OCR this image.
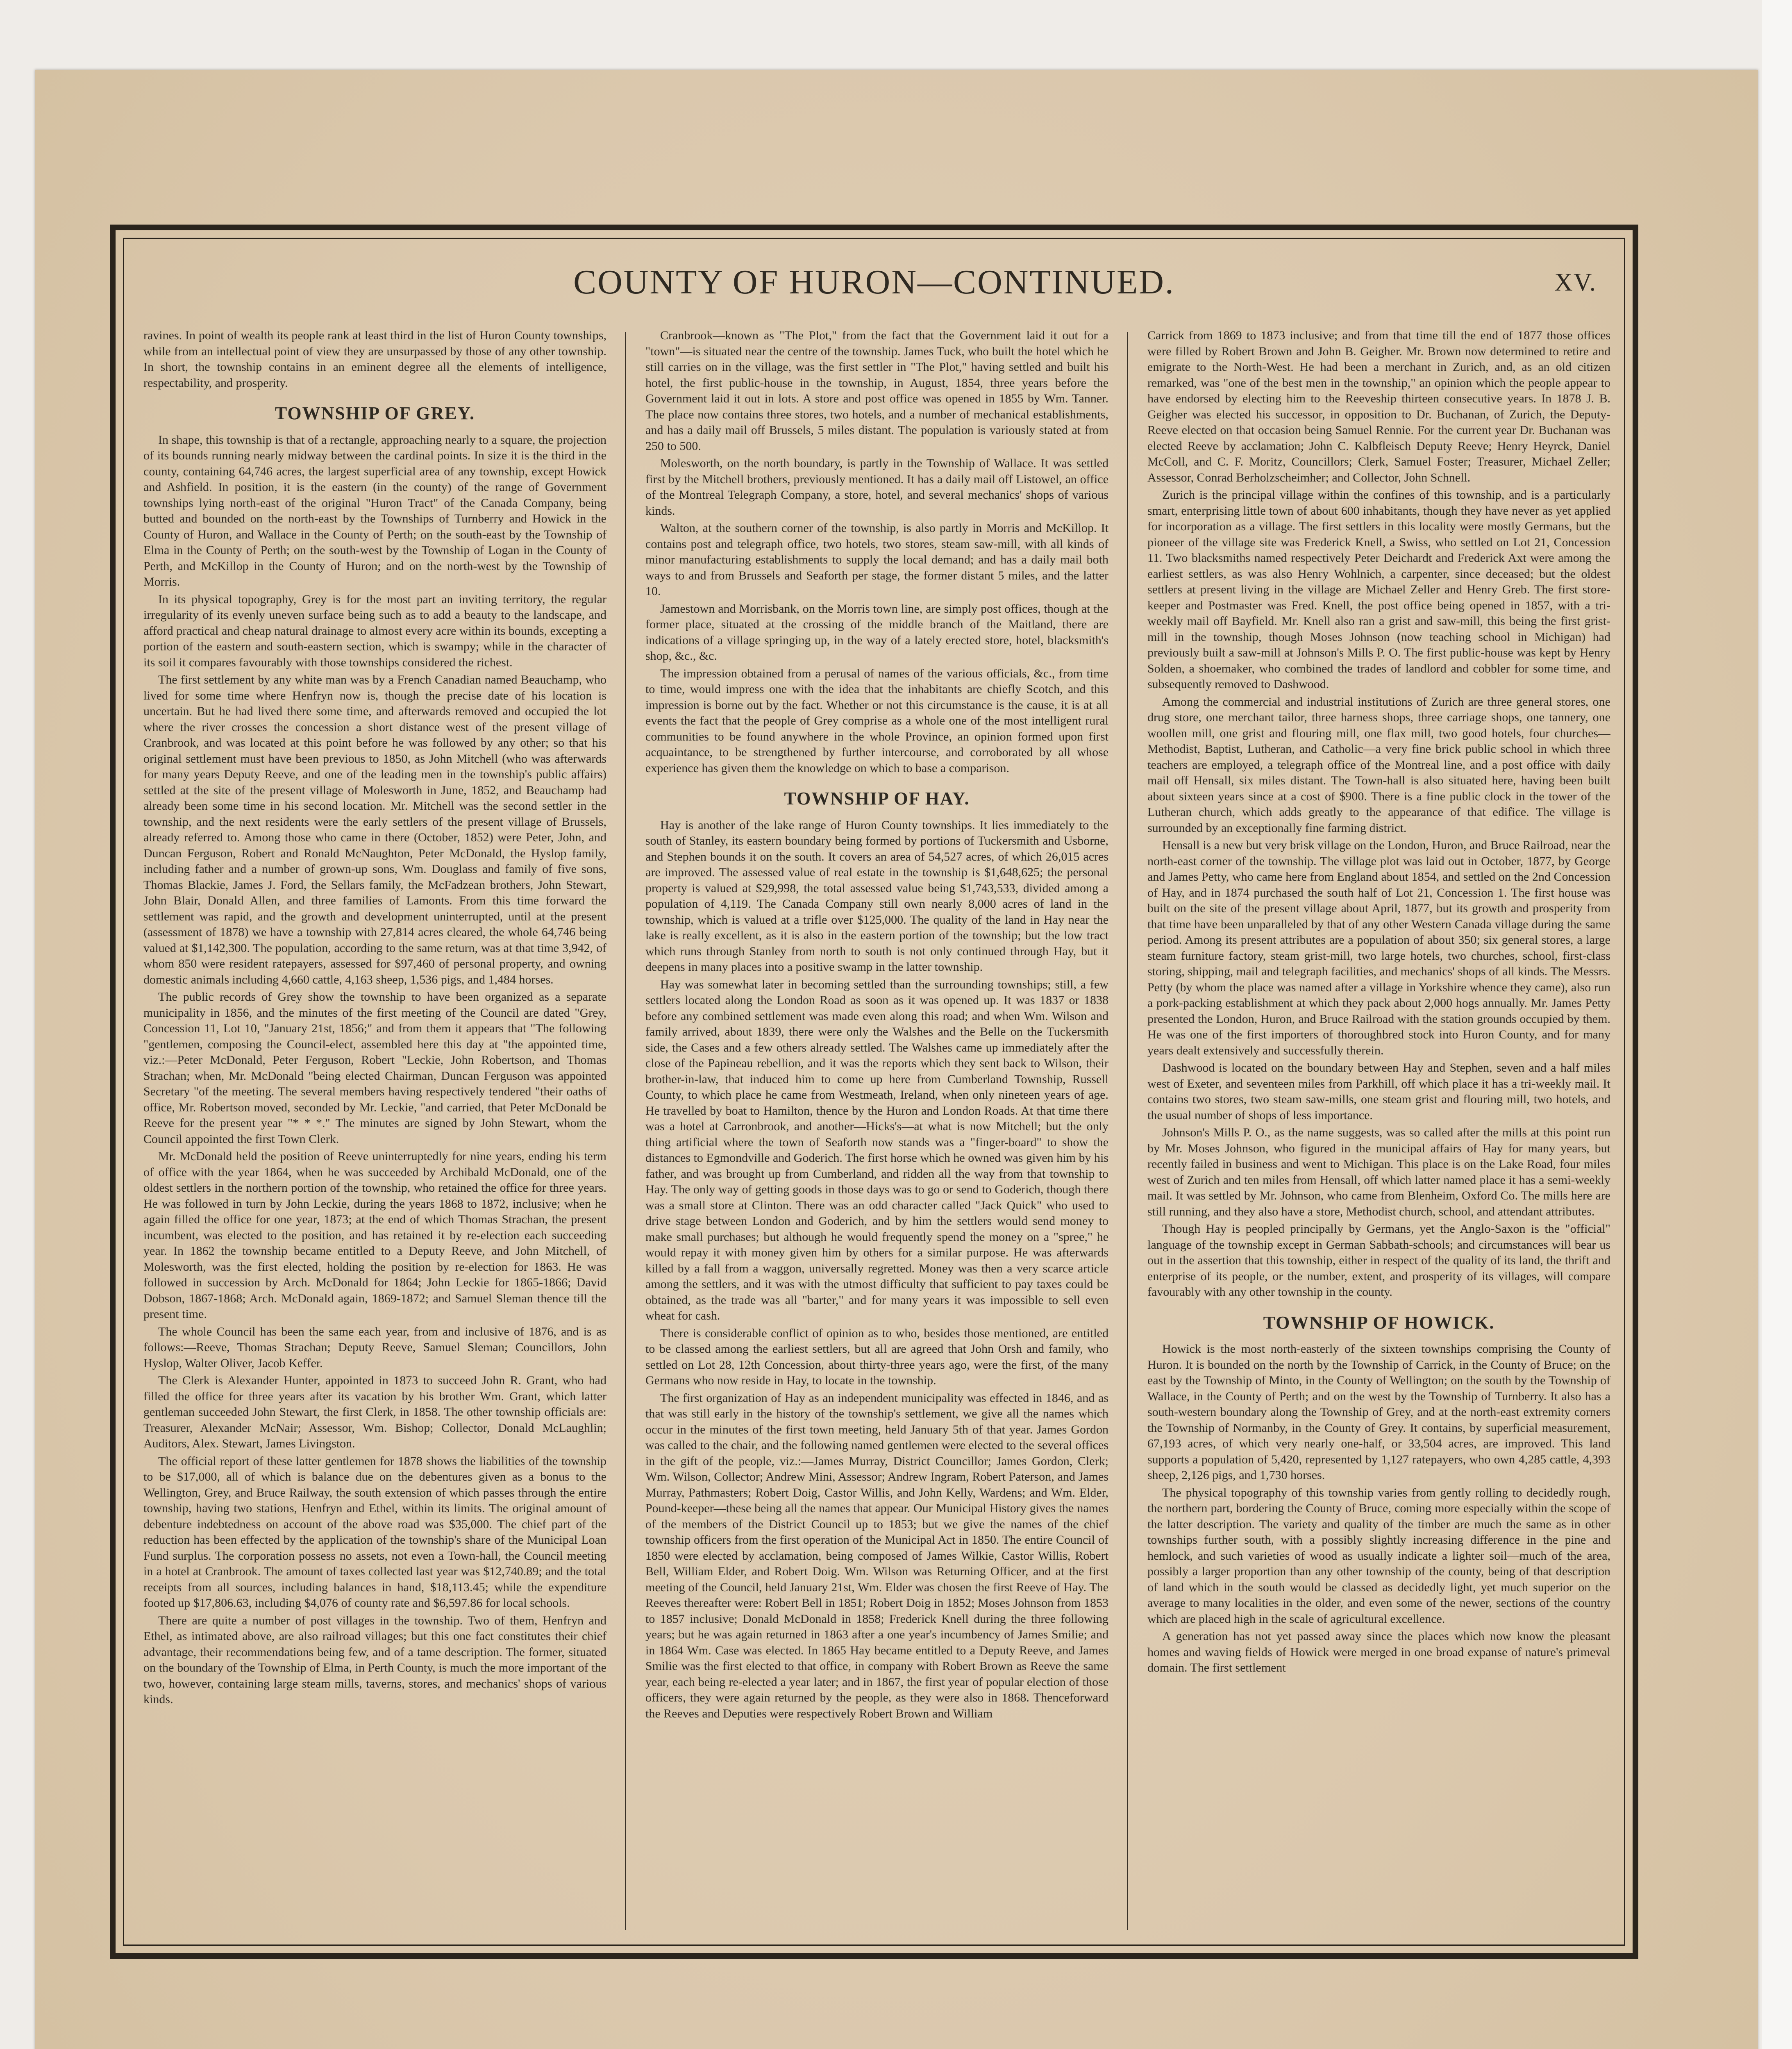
COUNTY OF HURON—CONTINUED.	XV.

ravines. In point of wealth its people rank at least third in the list of Huron County townships, while from an intellectual point of view they are unsurpassed by those of any other township. In short, the township contains in an eminent degree all the elements of intelligence, respectability, and prosperity.

TOWNSHIP OF GREY.

In shape, this township is that of a rectangle, approaching nearly to a square, the projection of its bounds running nearly midway between the cardinal points. In size it is the third in the county, containing 64,746 acres, the largest superficial area of any township, except Howick and Ashfield. In position, it is the eastern (in the county) of the range of Government townships lying north-east of the original "Huron Tract" of the Canada Company, being butted and bounded on the north-east by the Townships of Turnberry and Howick in the County of Huron, and Wallace in the County of Perth; on the south-east by the Township of Elma in the County of Perth; on the south-west by the Township of Logan in the County of Perth, and McKillop in the County of Huron; and on the north-west by the Township of Morris.

In its physical topography, Grey is for the most part an inviting territory, the regular irregularity of its evenly uneven surface being such as to add a beauty to the landscape, and afford practical and cheap natural drainage to almost every acre within its bounds, excepting a portion of the eastern and south-eastern section, which is swampy; while in the character of its soil it compares favourably with those townships considered the richest.

The first settlement by any white man was by a French Canadian named Beauchamp, who lived for some time where Henfryn now is, though the precise date of his location is uncertain. But he had lived there some time, and afterwards removed and occupied the lot where the river crosses the concession a short distance west of the present village of Cranbrook, and was located at this point before he was followed by any other; so that his original settlement must have been previous to 1850, as John Mitchell (who was afterwards for many years Deputy Reeve, and one of the leading men in the township's public affairs) settled at the site of the present village of Molesworth in June, 1852, and Beauchamp had already been some time in his second location. Mr. Mitchell was the second settler in the township, and the next residents were the early settlers of the present village of Brussels, already referred to. Among those who came in there (October, 1852) were Peter, John, and Duncan Ferguson, Robert and Ronald McNaughton, Peter McDonald, the Hyslop family, including father and a number of grown-up sons, Wm. Douglass and family of five sons, Thomas Blackie, James J. Ford, the Sellars family, the McFadzean brothers, John Stewart, John Blair, Donald Allen, and three families of Lamonts. From this time forward the settlement was rapid, and the growth and development uninterrupted, until at the present (assessment of 1878) we have a township with 27,814 acres cleared, the whole 64,746 being valued at $1,142,300. The population, according to the same return, was at that time 3,942, of whom 850 were resident ratepayers, assessed for $97,460 of personal property, and owning domestic animals including 4,660 cattle, 4,163 sheep, 1,536 pigs, and 1,484 horses.

The public records of Grey show the township to have been organized as a separate municipality in 1856, and the minutes of the first meeting of the Council are dated "Grey, Concession 11, Lot 10, "January 21st, 1856;" and from them it appears that "The following "gentlemen, composing the Council-elect, assembled here this day at "the appointed time, viz.:—Peter McDonald, Peter Ferguson, Robert "Leckie, John Robertson, and Thomas Strachan; when, Mr. McDonald "being elected Chairman, Duncan Ferguson was appointed Secretary "of the meeting. The several members having respectively tendered "their oaths of office, Mr. Robertson moved, seconded by Mr. Leckie, "and carried, that Peter McDonald be Reeve for the present year "* * *." The minutes are signed by John Stewart, whom the Council appointed the first Town Clerk.

Mr. McDonald held the position of Reeve uninterruptedly for nine years, ending his term of office with the year 1864, when he was succeeded by Archibald McDonald, one of the oldest settlers in the northern portion of the township, who retained the office for three years. He was followed in turn by John Leckie, during the years 1868 to 1872, inclusive; when he again filled the office for one year, 1873; at the end of which Thomas Strachan, the present incumbent, was elected to the position, and has retained it by re-election each succeeding year. In 1862 the township became entitled to a Deputy Reeve, and John Mitchell, of Molesworth, was the first elected, holding the position by re-election for 1863. He was followed in succession by Arch. McDonald for 1864; John Leckie for 1865-1866; David Dobson, 1867-1868; Arch. McDonald again, 1869-1872; and Samuel Sleman thence till the present time.

The whole Council has been the same each year, from and inclusive of 1876, and is as follows:—Reeve, Thomas Strachan; Deputy Reeve, Samuel Sleman; Councillors, John Hyslop, Walter Oliver, Jacob Keffer.

The Clerk is Alexander Hunter, appointed in 1873 to succeed John R. Grant, who had filled the office for three years after its vacation by his brother Wm. Grant, which latter gentleman succeeded John Stewart, the first Clerk, in 1858. The other township officials are: Treasurer, Alexander McNair; Assessor, Wm. Bishop; Collector, Donald McLaughlin; Auditors, Alex. Stewart, James Livingston.

The official report of these latter gentlemen for 1878 shows the liabilities of the township to be $17,000, all of which is balance due on the debentures given as a bonus to the Wellington, Grey, and Bruce Railway, the south extension of which passes through the entire township, having two stations, Henfryn and Ethel, within its limits. The original amount of debenture indebtedness on account of the above road was $35,000. The chief part of the reduction has been effected by the application of the township's share of the Municipal Loan Fund surplus. The corporation possess no assets, not even a Town-hall, the Council meeting in a hotel at Cranbrook. The amount of taxes collected last year was $12,740.89; and the total receipts from all sources, including balances in hand, $18,113.45; while the expenditure footed up $17,806.63, including $4,076 of county rate and $6,597.86 for local schools.

There are quite a number of post villages in the township. Two of them, Henfryn and Ethel, as intimated above, are also railroad villages; but this one fact constitutes their chief advantage, their recommendations being few, and of a tame description. The former, situated on the boundary of the Township of Elma, in Perth County, is much the more important of the two, however, containing large steam mills, taverns, stores, and mechanics' shops of various kinds.

Cranbrook—known as "The Plot," from the fact that the Government laid it out for a "town"—is situated near the centre of the township. James Tuck, who built the hotel which he still carries on in the village, was the first settler in "The Plot," having settled and built his hotel, the first public-house in the township, in August, 1854, three years before the Government laid it out in lots. A store and post office was opened in 1855 by Wm. Tanner. The place now contains three stores, two hotels, and a number of mechanical establishments, and has a daily mail off Brussels, 5 miles distant. The population is variously stated at from 250 to 500.

Molesworth, on the north boundary, is partly in the Township of Wallace. It was settled first by the Mitchell brothers, previously mentioned. It has a daily mail off Listowel, an office of the Montreal Telegraph Company, a store, hotel, and several mechanics' shops of various kinds.

Walton, at the southern corner of the township, is also partly in Morris and McKillop. It contains post and telegraph office, two hotels, two stores, steam saw-mill, with all kinds of minor manufacturing establishments to supply the local demand; and has a daily mail both ways to and from Brussels and Seaforth per stage, the former distant 5 miles, and the latter 10.

Jamestown and Morrisbank, on the Morris town line, are simply post offices, though at the former place, situated at the crossing of the middle branch of the Maitland, there are indications of a village springing up, in the way of a lately erected store, hotel, blacksmith's shop, &c., &c.

The impression obtained from a perusal of names of the various officials, &c., from time to time, would impress one with the idea that the inhabitants are chiefly Scotch, and this impression is borne out by the fact. Whether or not this circumstance is the cause, it is at all events the fact that the people of Grey comprise as a whole one of the most intelligent rural communities to be found anywhere in the whole Province, an opinion formed upon first acquaintance, to be strengthened by further intercourse, and corroborated by all whose experience has given them the knowledge on which to base a comparison.

TOWNSHIP OF HAY.

Hay is another of the lake range of Huron County townships. It lies immediately to the south of Stanley, its eastern boundary being formed by portions of Tuckersmith and Usborne, and Stephen bounds it on the south. It covers an area of 54,527 acres, of which 26,015 acres are improved. The assessed value of real estate in the township is $1,648,625; the personal property is valued at $29,998, the total assessed value being $1,743,533, divided among a population of 4,119. The Canada Company still own nearly 8,000 acres of land in the township, which is valued at a trifle over $125,000. The quality of the land in Hay near the lake is really excellent, as it is also in the eastern portion of the township; but the low tract which runs through Stanley from north to south is not only continued through Hay, but it deepens in many places into a positive swamp in the latter township.

Hay was somewhat later in becoming settled than the surrounding townships; still, a few settlers located along the London Road as soon as it was opened up. It was 1837 or 1838 before any combined settlement was made even along this road; and when Wm. Wilson and family arrived, about 1839, there were only the Walshes and the Belle on the Tuckersmith side, the Cases and a few others already settled. The Walshes came up immediately after the close of the Papineau rebellion, and it was the reports which they sent back to Wilson, their brother-in-law, that induced him to come up here from Cumberland Township, Russell County, to which place he came from Westmeath, Ireland, when only nineteen years of age. He travelled by boat to Hamilton, thence by the Huron and London Roads. At that time there was a hotel at Carronbrook, and another—Hicks's—at what is now Mitchell; but the only thing artificial where the town of Seaforth now stands was a "finger-board" to show the distances to Egmondville and Goderich. The first horse which he owned was given him by his father, and was brought up from Cumberland, and ridden all the way from that township to Hay. The only way of getting goods in those days was to go or send to Goderich, though there was a small store at Clinton. There was an odd character called "Jack Quick" who used to drive stage between London and Goderich, and by him the settlers would send money to make small purchases; but although he would frequently spend the money on a "spree," he would repay it with money given him by others for a similar purpose. He was afterwards killed by a fall from a waggon, universally regretted. Money was then a very scarce article among the settlers, and it was with the utmost difficulty that sufficient to pay taxes could be obtained, as the trade was all "barter," and for many years it was impossible to sell even wheat for cash.

There is considerable conflict of opinion as to who, besides those mentioned, are entitled to be classed among the earliest settlers, but all are agreed that John Orsh and family, who settled on Lot 28, 12th Concession, about thirty-three years ago, were the first, of the many Germans who now reside in Hay, to locate in the township.

The first organization of Hay as an independent municipality was effected in 1846, and as that was still early in the history of the township's settlement, we give all the names which occur in the minutes of the first town meeting, held January 5th of that year. James Gordon was called to the chair, and the following named gentlemen were elected to the several offices in the gift of the people, viz.:—James Murray, District Councillor; James Gordon, Clerk; Wm. Wilson, Collector; Andrew Mini, Assessor; Andrew Ingram, Robert Paterson, and James Murray, Pathmasters; Robert Doig, Castor Willis, and John Kelly, Wardens; and Wm. Elder, Pound-keeper—these being all the names that appear. Our Municipal History gives the names of the members of the District Council up to 1853; but we give the names of the chief township officers from the first operation of the Municipal Act in 1850. The entire Council of 1850 were elected by acclamation, being composed of James Wilkie, Castor Willis, Robert Bell, William Elder, and Robert Doig. Wm. Wilson was Returning Officer, and at the first meeting of the Council, held January 21st, Wm. Elder was chosen the first Reeve of Hay. The Reeves thereafter were: Robert Bell in 1851; Robert Doig in 1852; Moses Johnson from 1853 to 1857 inclusive; Donald McDonald in 1858; Frederick Knell during the three following years; but he was again returned in 1863 after a one year's incumbency of James Smilie; and in 1864 Wm. Case was elected. In 1865 Hay became entitled to a Deputy Reeve, and James Smilie was the first elected to that office, in company with Robert Brown as Reeve the same year, each being re-elected a year later; and in 1867, the first year of popular election of those officers, they were again returned by the people, as they were also in 1868. Thenceforward the Reeves and Deputies were respectively Robert Brown and William

Carrick from 1869 to 1873 inclusive; and from that time till the end of 1877 those offices were filled by Robert Brown and John B. Geigher. Mr. Brown now determined to retire and emigrate to the North-West. He had been a merchant in Zurich, and, as an old citizen remarked, was "one of the best men in the township," an opinion which the people appear to have endorsed by electing him to the Reeveship thirteen consecutive years. In 1878 J. B. Geigher was elected his successor, in opposition to Dr. Buchanan, of Zurich, the Deputy-Reeve elected on that occasion being Samuel Rennie. For the current year Dr. Buchanan was elected Reeve by acclamation; John C. Kalbfleisch Deputy Reeve; Henry Heyrck, Daniel McColl, and C. F. Moritz, Councillors; Clerk, Samuel Foster; Treasurer, Michael Zeller; Assessor, Conrad Berholzscheimher; and Collector, John Schnell.

Zurich is the principal village within the confines of this township, and is a particularly smart, enterprising little town of about 600 inhabitants, though they have never as yet applied for incorporation as a village. The first settlers in this locality were mostly Germans, but the pioneer of the village site was Frederick Knell, a Swiss, who settled on Lot 21, Concession 11. Two blacksmiths named respectively Peter Deichardt and Frederick Axt were among the earliest settlers, as was also Henry Wohlnich, a carpenter, since deceased; but the oldest settlers at present living in the village are Michael Zeller and Henry Greb. The first store-keeper and Postmaster was Fred. Knell, the post office being opened in 1857, with a tri-weekly mail off Bayfield. Mr. Knell also ran a grist and saw-mill, this being the first grist-mill in the township, though Moses Johnson (now teaching school in Michigan) had previously built a saw-mill at Johnson's Mills P. O. The first public-house was kept by Henry Solden, a shoemaker, who combined the trades of landlord and cobbler for some time, and subsequently removed to Dashwood.

Among the commercial and industrial institutions of Zurich are three general stores, one drug store, one merchant tailor, three harness shops, three carriage shops, one tannery, one woollen mill, one grist and flouring mill, one flax mill, two good hotels, four churches—Methodist, Baptist, Lutheran, and Catholic—a very fine brick public school in which three teachers are employed, a telegraph office of the Montreal line, and a post office with daily mail off Hensall, six miles distant. The Town-hall is also situated here, having been built about sixteen years since at a cost of $900. There is a fine public clock in the tower of the Lutheran church, which adds greatly to the appearance of that edifice. The village is surrounded by an exceptionally fine farming district.

Hensall is a new but very brisk village on the London, Huron, and Bruce Railroad, near the north-east corner of the township. The village plot was laid out in October, 1877, by George and James Petty, who came here from England about 1854, and settled on the 2nd Concession of Hay, and in 1874 purchased the south half of Lot 21, Concession 1. The first house was built on the site of the present village about April, 1877, but its growth and prosperity from that time have been unparalleled by that of any other Western Canada village during the same period. Among its present attributes are a population of about 350; six general stores, a large steam furniture factory, steam grist-mill, two large hotels, two churches, school, first-class storing, shipping, mail and telegraph facilities, and mechanics' shops of all kinds. The Messrs. Petty (by whom the place was named after a village in Yorkshire whence they came), also run a pork-packing establishment at which they pack about 2,000 hogs annually. Mr. James Petty presented the London, Huron, and Bruce Railroad with the station grounds occupied by them. He was one of the first importers of thoroughbred stock into Huron County, and for many years dealt extensively and successfully therein.

Dashwood is located on the boundary between Hay and Stephen, seven and a half miles west of Exeter, and seventeen miles from Parkhill, off which place it has a tri-weekly mail. It contains two stores, two steam saw-mills, one steam grist and flouring mill, two hotels, and the usual number of shops of less importance.

Johnson's Mills P. O., as the name suggests, was so called after the mills at this point run by Mr. Moses Johnson, who figured in the municipal affairs of Hay for many years, but recently failed in business and went to Michigan. This place is on the Lake Road, four miles west of Zurich and ten miles from Hensall, off which latter named place it has a semi-weekly mail. It was settled by Mr. Johnson, who came from Blenheim, Oxford Co. The mills here are still running, and they also have a store, Methodist church, school, and attendant attributes.

Though Hay is peopled principally by Germans, yet the Anglo-Saxon is the "official" language of the township except in German Sabbath-schools; and circumstances will bear us out in the assertion that this township, either in respect of the quality of its land, the thrift and enterprise of its people, or the number, extent, and prosperity of its villages, will compare favourably with any other township in the county.

TOWNSHIP OF HOWICK.

Howick is the most north-easterly of the sixteen townships comprising the County of Huron. It is bounded on the north by the Township of Carrick, in the County of Bruce; on the east by the Township of Minto, in the County of Wellington; on the south by the Township of Wallace, in the County of Perth; and on the west by the Township of Turnberry. It also has a south-western boundary along the Township of Grey, and at the north-east extremity corners the Township of Normanby, in the County of Grey. It contains, by superficial measurement, 67,193 acres, of which very nearly one-half, or 33,504 acres, are improved. This land supports a population of 5,420, represented by 1,127 ratepayers, who own 4,285 cattle, 4,393 sheep, 2,126 pigs, and 1,730 horses.

The physical topography of this township varies from gently rolling to decidedly rough, the northern part, bordering the County of Bruce, coming more especially within the scope of the latter description. The variety and quality of the timber are much the same as in other townships further south, with a possibly slightly increasing difference in the pine and hemlock, and such varieties of wood as usually indicate a lighter soil—much of the area, possibly a larger proportion than any other township of the county, being of that description of land which in the south would be classed as decidedly light, yet much superior on the average to many localities in the older, and even some of the newer, sections of the country which are placed high in the scale of agricultural excellence.

A generation has not yet passed away since the places which now know the pleasant homes and waving fields of Howick were merged in one broad expanse of nature's primeval domain. The first settlement
